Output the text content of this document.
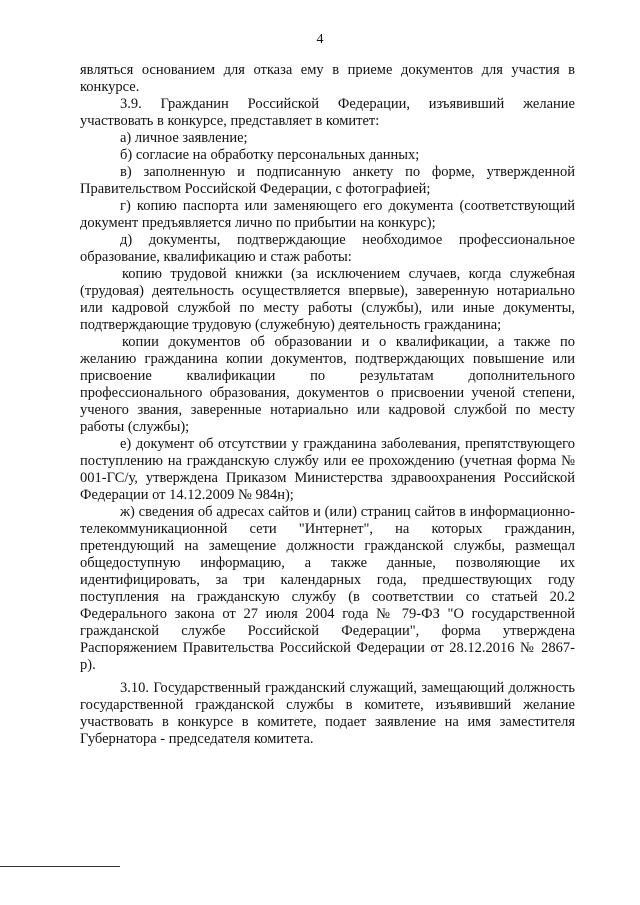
4

являться основанием для отказа ему в приеме документов для участия в конкурсе.

3.9. Гражданин Российской Федерации, изъявивший желание участвовать в конкурсе, представляет в комитет:

а) личное заявление;

б) согласие на обработку персональных данных;

в) заполненную и подписанную анкету по форме, утвержденной Правительством Российской Федерации, с фотографией;

г) копию паспорта или заменяющего его документа (соответствующий документ предъявляется лично по прибытии на конкурс);

д) документы, подтверждающие необходимое профессиональное образование, квалификацию и стаж работы:

копию трудовой книжки (за исключением случаев, когда служебная (трудовая) деятельность осуществляется впервые), заверенную нотариально или кадровой службой по месту работы (службы), или иные документы, подтверждающие трудовую (служебную) деятельность гражданина;

копии документов об образовании и о квалификации, а также по желанию гражданина копии документов, подтверждающих повышение или присвоение квалификации по результатам дополнительного профессионального образования, документов о присвоении ученой степени, ученого звания, заверенные нотариально или кадровой службой по месту работы (службы);

е) документ об отсутствии у гражданина заболевания, препятствующего поступлению на гражданскую службу или ее прохождению (учетная форма № 001-ГС/у, утверждена Приказом Министерства здравоохранения Российской Федерации от 14.12.2009 № 984н);

ж) сведения об адресах сайтов и (или) страниц сайтов в информационно-телекоммуникационной сети "Интернет", на которых гражданин, претендующий на замещение должности гражданской службы, размещал общедоступную информацию, а также данные, позволяющие их идентифицировать, за три календарных года, предшествующих году поступления на гражданскую службу (в соответствии со статьей 20.2 Федерального закона от 27 июля 2004 года № 79-ФЗ "О государственной гражданской службе Российской Федерации", форма утверждена Распоряжением Правительства Российской Федерации от 28.12.2016 № 2867-р).

3.10. Государственный гражданский служащий, замещающий должность государственной гражданской службы в комитете, изъявивший желание участвовать в конкурсе в комитете, подает заявление на имя заместителя Губернатора - председателя комитета.
